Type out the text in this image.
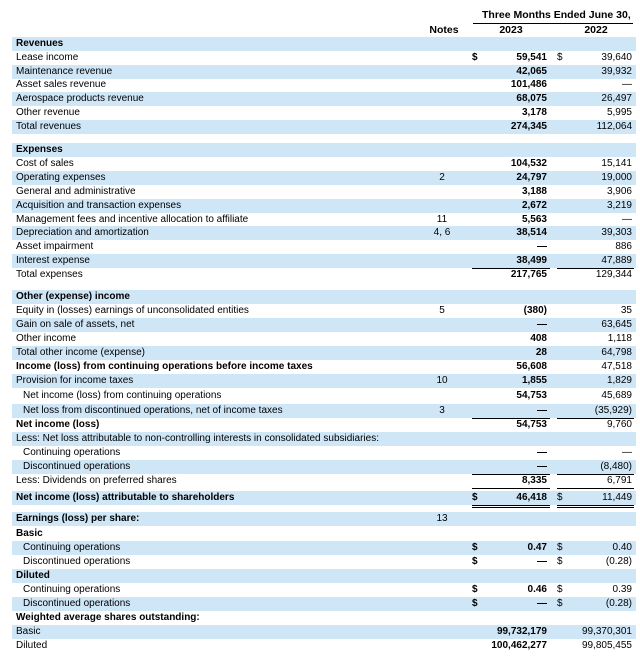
Three Months Ended June 30,
Notes	2023	2022
Revenues
Lease income	$	59,541 $	39,640
Maintenance revenue	42,065	39,932
Asset sales revenue	101,486	—
Aerospace products revenue	68,075	26,497
Other revenue	3,178	5,995
Total revenues	274,345	112,064
Expenses
Cost of sales	104,532	15,141
Operating expenses	2	24,797	19,000
General and administrative	3,188	3,906
Acquisition and transaction expenses	2,672	3,219
Management fees and incentive allocation to affiliate	11	5,563	—
Depreciation and amortization	4, 6	38,514	39,303
Asset impairment	—	886
Interest expense	38,499	47,889
Total expenses	217,765	129,344
Other (expense) income
Equity in (losses) earnings of unconsolidated entities	5	(380)	35
Gain on sale of assets, net	—	63,645
Other income	408	1,118
Total other income (expense)	28	64,798
Income (loss) from continuing operations before income taxes	56,608	47,518
Provision for income taxes	10	1,855	1,829
Net income (loss) from continuing operations	54,753	45,689
Net loss from discontinued operations, net of income taxes	3	—	(35,929)
Net income (loss)	54,753	9,760
Less: Net loss attributable to non-controlling interests in consolidated subsidiaries:
Continuing operations	—	—
Discontinued operations	—	(8,480)
Less: Dividends on preferred shares	8,335	6,791
Net income (loss) attributable to shareholders	$	46,418 $	11,449
Earnings (loss) per share:	13
Basic
Continuing operations	$	0.47 $	0.40
Discontinued operations	$	— $	(0.28)
Diluted
Continuing operations	$	0.46 $	0.39
Discontinued operations	$	— $	(0.28)
Weighted average shares outstanding:
Basic	99,732,179	99,370,301
Diluted	100,462,277	99,805,455
